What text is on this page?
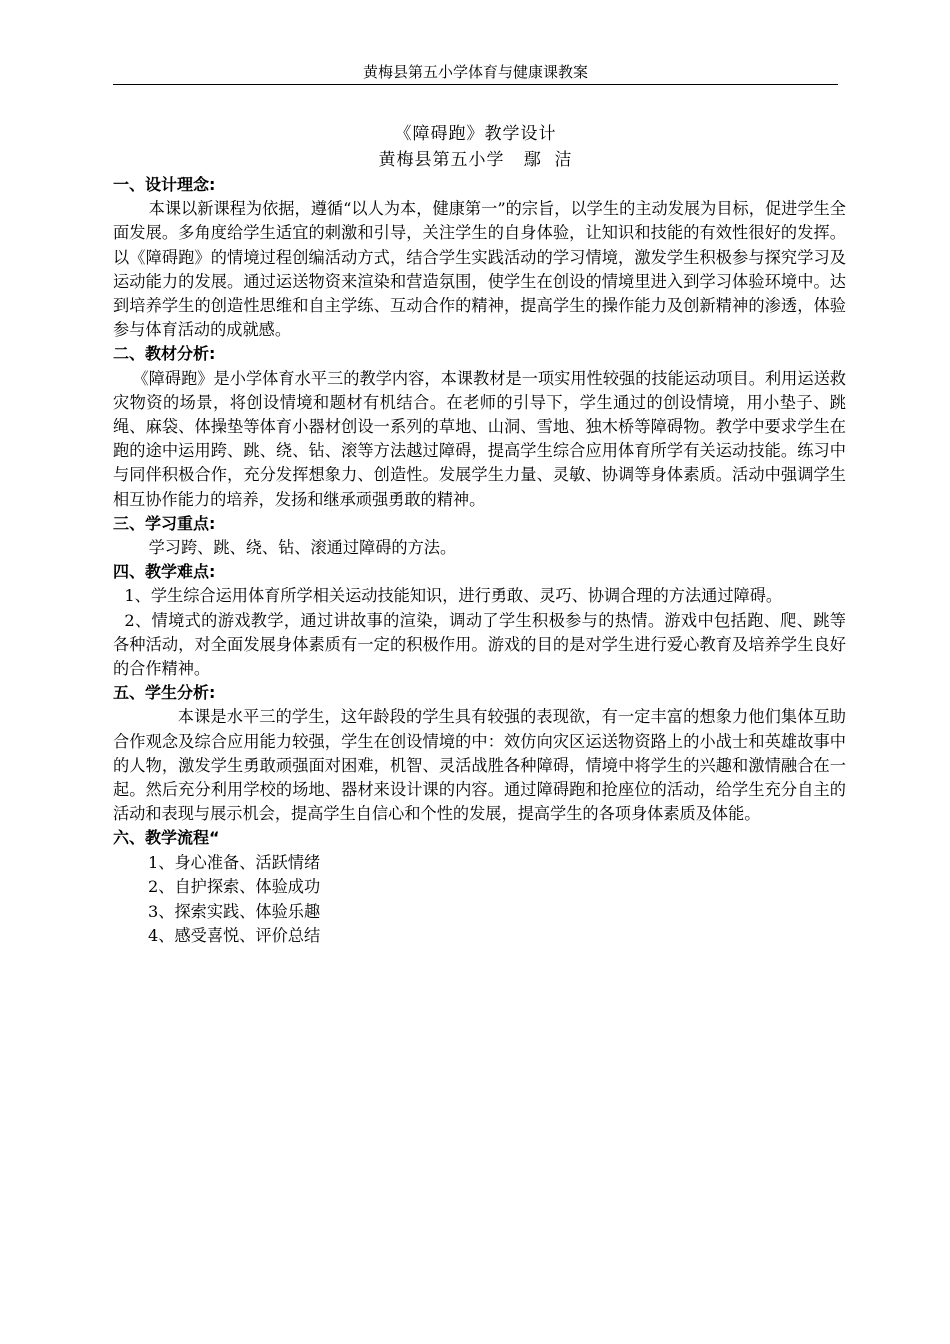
黄梅县第五小学体育与健康课教案
《障碍跑》教学设计
黄梅县第五小学   鄢  洁
一、设计理念:

本课以新课程为依据，遵循“以人为本，健康第一”的宗旨，以学生的主动发展为目标，促进学生全面发展。多角度给学生适宜的刺激和引导，关注学生的自身体验，让知识和技能的有效性很好的发挥。以《障碍跑》的情境过程创编活动方式，结合学生实践活动的学习情境，激发学生积极参与探究学习及运动能力的发展。通过运送物资来渲染和营造氛围，使学生在创设的情境里进入到学习体验环境中。达到培养学生的创造性思维和自主学练、互动合作的精神，提高学生的操作能力及创新精神的渗透，体验参与体育活动的成就感。

二、教材分析:

《障碍跑》是小学体育水平三的教学内容，本课教材是一项实用性较强的技能运动项目。利用运送救灾物资的场景，将创设情境和题材有机结合。在老师的引导下，学生通过的创设情境，用小垫子、跳绳、麻袋、体操垫等体育小器材创设一系列的草地、山洞、雪地、独木桥等障碍物。教学中要求学生在跑的途中运用跨、跳、绕、钻、滚等方法越过障碍，提高学生综合应用体育所学有关运动技能。练习中与同伴积极合作，充分发挥想象力、创造性。发展学生力量、灵敏、协调等身体素质。活动中强调学生相互协作能力的培养，发扬和继承顽强勇敢的精神。

三、学习重点:

学习跨、跳、绕、钻、滚通过障碍的方法。

四、教学难点:

1、学生综合运用体育所学相关运动技能知识，进行勇敢、灵巧、协调合理的方法通过障碍。

2、情境式的游戏教学，通过讲故事的渲染，调动了学生积极参与的热情。游戏中包括跑、爬、跳等各种活动，对全面发展身体素质有一定的积极作用。游戏的目的是对学生进行爱心教育及培养学生良好的合作精神。

五、学生分析:

本课是水平三的学生，这年龄段的学生具有较强的表现欲，有一定丰富的想象力他们集体互助合作观念及综合应用能力较强，学生在创设情境的中：效仿向灾区运送物资路上的小战士和英雄故事中的人物，激发学生勇敢顽强面对困难，机智、灵活战胜各种障碍，情境中将学生的兴趣和激情融合在一起。然后充分利用学校的场地、器材来设计课的内容。通过障碍跑和抢座位的活动，给学生充分自主的活动和表现与展示机会，提高学生自信心和个性的发展，提高学生的各项身体素质及体能。

六、教学流程“
1、身心准备、活跃情绪
2、自护探索、体验成功
3、探索实践、体验乐趣
4、感受喜悦、评价总结
